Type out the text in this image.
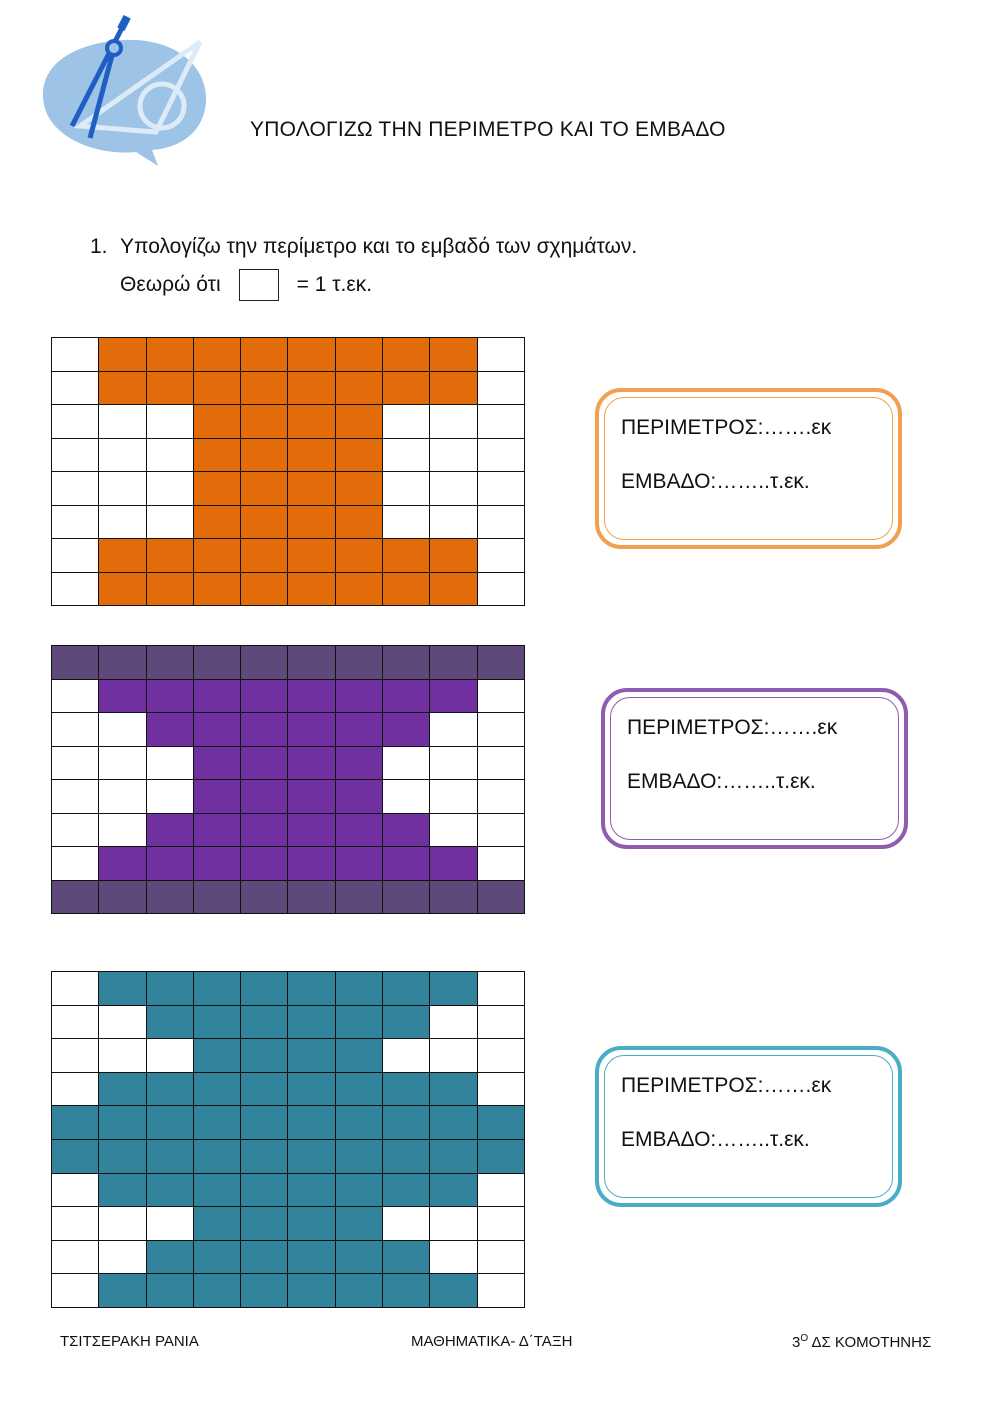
ΥΠΟΛΟΓΙΖΩ ΤΗΝ ΠΕΡΙΜΕΤΡΟ ΚΑΙ ΤΟ ΕΜΒΑΔΟ
1. Υπολογίζω την περίμετρο και το εμβαδό των σχημάτων.
Θεωρώ ότι	= 1 τ.εκ.

ΠΕΡΙΜΕΤΡΟΣ:…….εκ
ΕΜΒΑΔΟ:……..τ.εκ.
ΠΕΡΙΜΕΤΡΟΣ:…….εκ
ΕΜΒΑΔΟ:……..τ.εκ.
ΠΕΡΙΜΕΤΡΟΣ:…….εκ
ΕΜΒΑΔΟ:……..τ.εκ.
ΤΣΙΤΣΕΡΑΚΗ ΡΑΝΙΑ	ΜΑΘΗΜΑΤΙΚΑ- Δ΄ΤΑΞΗ	$3^O$ ΔΣ ΚΟΜΟΤΗΝΗΣ
